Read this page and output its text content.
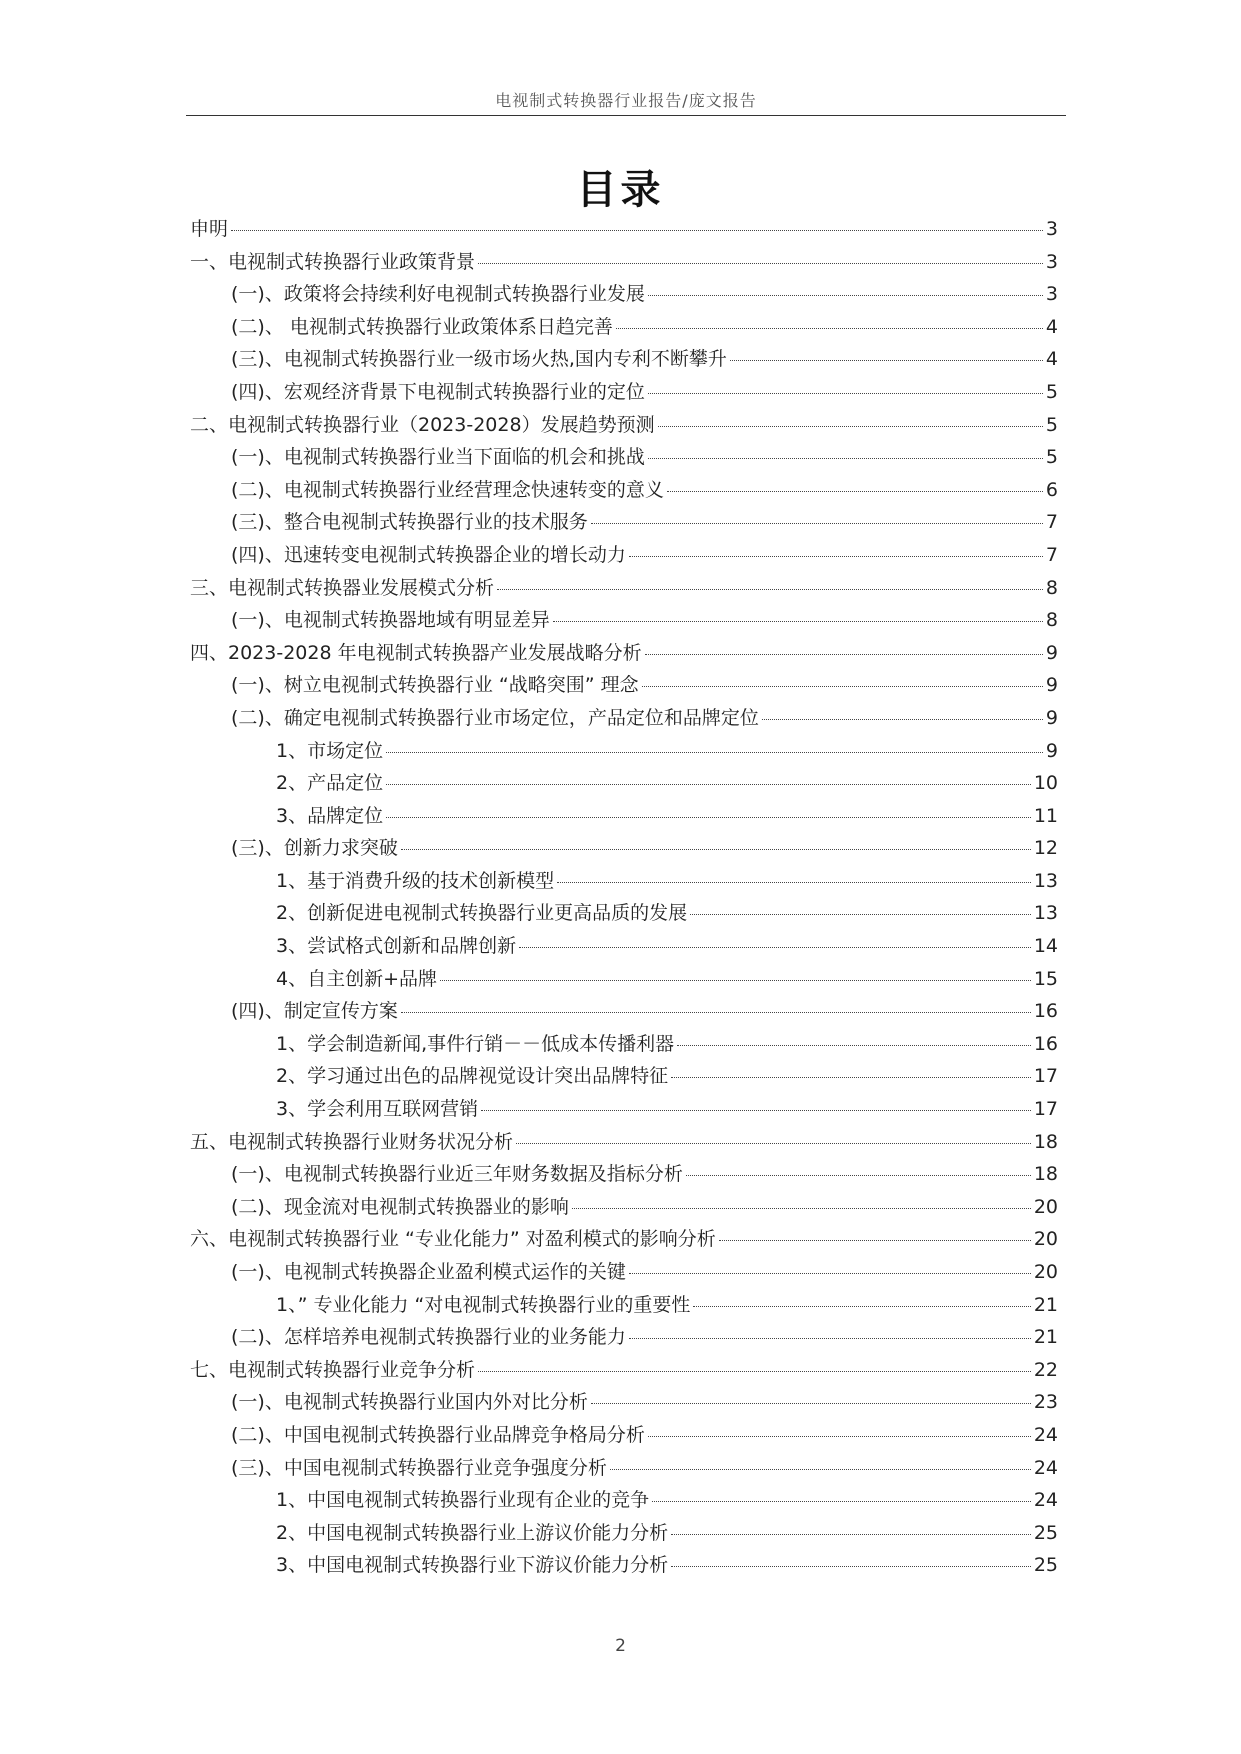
电视制式转换器行业报告/庞文报告
目录
申明	3
一、电视制式转换器行业政策背景	3
(一)、政策将会持续利好电视制式转换器行业发展	3
(二)、 电视制式转换器行业政策体系日趋完善	4
(三)、电视制式转换器行业一级市场火热,国内专利不断攀升	4
(四)、宏观经济背景下电视制式转换器行业的定位	5
二、电视制式转换器行业（2023-2028）发展趋势预测	5
(一)、电视制式转换器行业当下面临的机会和挑战	5
(二)、电视制式转换器行业经营理念快速转变的意义	6
(三)、整合电视制式转换器行业的技术服务	7
(四)、迅速转变电视制式转换器企业的增长动力	7
三、电视制式转换器业发展模式分析	8
(一)、电视制式转换器地域有明显差异	8
四、2023-2028 年电视制式转换器产业发展战略分析	9
(一)、树立电视制式转换器行业 “战略突围” 理念	9
(二)、确定电视制式转换器行业市场定位，产品定位和品牌定位	9
1、市场定位	9
2、产品定位	10
3、品牌定位	11
(三)、创新力求突破	12
1、基于消费升级的技术创新模型	13
2、创新促进电视制式转换器行业更高品质的发展	13
3、尝试格式创新和品牌创新	14
4、自主创新+品牌	15
(四)、制定宣传方案	16
1、学会制造新闻,事件行销－－低成本传播利器	16
2、学习通过出色的品牌视觉设计突出品牌特征	17
3、学会利用互联网营销	17
五、电视制式转换器行业财务状况分析	18
(一)、电视制式转换器行业近三年财务数据及指标分析	18
(二)、现金流对电视制式转换器业的影响	20
六、电视制式转换器行业 “专业化能力” 对盈利模式的影响分析	20
(一)、电视制式转换器企业盈利模式运作的关键	20
1、” 专业化能力 “对电视制式转换器行业的重要性	21
(二)、怎样培养电视制式转换器行业的业务能力	21
七、电视制式转换器行业竞争分析	22
(一)、电视制式转换器行业国内外对比分析	23
(二)、中国电视制式转换器行业品牌竞争格局分析	24
(三)、中国电视制式转换器行业竞争强度分析	24
1、中国电视制式转换器行业现有企业的竞争	24
2、中国电视制式转换器行业上游议价能力分析	25
3、中国电视制式转换器行业下游议价能力分析	25
2
